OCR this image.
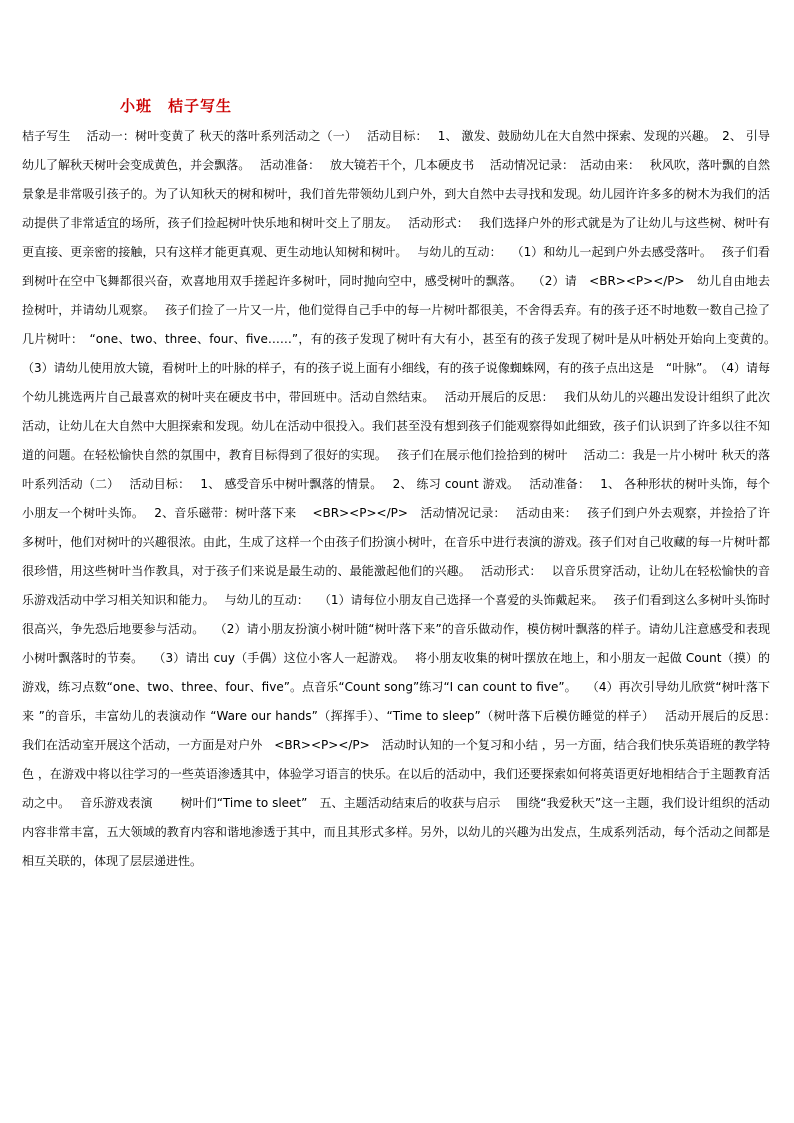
小班　桔子写生
桔子写生　 活动一：树叶变黄了 秋天的落叶系列活动之（一）　 活动目标：　 1、 激发、鼓励幼儿在大自然中探索、发现的兴趣。　2、 引导幼儿了解秋天树叶会变成黄色，并会飘落。　 活动准备：　 放大镜若干个，几本硬皮书　 活动情况记录：　活动由来：　 秋风吹，落叶飘的自然景象是非常吸引孩子的。为了认知秋天的树和树叶，我们首先带领幼儿到户外，到大自然中去寻找和发现。幼儿园许许多多的树木为我们的活动提供了非常适宜的场所，孩子们捡起树叶快乐地和树叶交上了朋友。　 活动形式：　 我们选择户外的形式就是为了让幼儿与这些树、树叶有更直接、更亲密的接触，只有这样才能更真观、更生动地认知树和树叶。　 与幼儿的互动：　 （1）和幼儿一起到户外去感受落叶。　 孩子们看到树叶在空中飞舞都很兴奋，欢喜地用双手搓起许多树叶，同时抛向空中，感受树叶的飘落。　 （2）请　<BR><P></P>　幼儿自由地去捡树叶，并请幼儿观察。　 孩子们捡了一片又一片，他们觉得自己手中的每一片树叶都很美，不舍得丢弃。有的孩子还不时地数一数自己捡了几片树叶：　“one、two、three、four、five……”，有的孩子发现了树叶有大有小，甚至有的孩子发现了树叶是从叶柄处开始向上变黄的。　 （3）请幼儿使用放大镜，看树叶上的叶脉的样子，有的孩子说上面有小细线，有的孩子说像蜘蛛网，有的孩子点出这是　“叶脉”。　（4）请每个幼儿挑选两片自己最喜欢的树叶夹在硬皮书中，带回班中。活动自然结束。　 活动开展后的反思：　 我们从幼儿的兴趣出发设计组织了此次活动，让幼儿在大自然中大胆探索和发现。幼儿在活动中很投入。我们甚至没有想到孩子们能观察得如此细致，孩子们认识到了许多以往不知道的问题。在轻松愉快自然的氛围中，教育目标得到了很好的实现。　 孩子们在展示他们捡拾到的树叶　 活动二：我是一片小树叶 秋天的落叶系列活动（二）　 活动目标：　 1、 感受音乐中树叶飘落的情景。　 2、 练习 count 游戏。　 活动准备：　 1、 各种形状的树叶头饰，每个小朋友一个树叶头饰。　 2、音乐磁带：树叶落下来　 <BR><P></P>　活动情况记录：　 活动由来：　 孩子们到户外去观察，并捡拾了许多树叶，他们对树叶的兴趣很浓。由此，生成了这样一个由孩子们扮演小树叶，在音乐中进行表演的游戏。孩子们对自己收藏的每一片树叶都很珍惜，用这些树叶当作教具，对于孩子们来说是最生动的、最能激起他们的兴趣。　 活动形式：　 以音乐贯穿活动，让幼儿在轻松愉快的音乐游戏活动中学习相关知识和能力。　 与幼儿的互动：　 （1）请每位小朋友自己选择一个喜爱的头饰戴起来。　 孩子们看到这么多树叶头饰时很高兴，争先恐后地要参与活动。　 （2）请小朋友扮演小树叶随“树叶落下来”的音乐做动作，模仿树叶飘落的样子。请幼儿注意感受和表现小树叶飘落时的节奏。　 （3）请出 cuy（手偶）这位小客人一起游戏。　 将小朋友收集的树叶摆放在地上，和小朋友一起做 Count（摸）的游戏，练习点数“one、two、three、four、five”。点音乐“Count song”练习“I can count to five”。　 （4）再次引导幼儿欣赏“树叶落下来 ”的音乐，丰富幼儿的表演动作 “Ware our hands”（挥挥手）、“Time to sleep”（树叶落下后模仿睡觉的样子）　 活动开展后的反思：　 我们在活动室开展这个活动，一方面是对户外　<BR><P></P>　活动时认知的一个复习和小结 ，另一方面，结合我们快乐英语班的教学特色 ，在游戏中将以往学习的一些英语渗透其中，体验学习语言的快乐。在以后的活动中，我们还要探索如何将英语更好地相结合于主题教育活动之中。　 音乐游戏表演　　 树叶们“Time to sleet”　五、主题活动结束后的收获与启示　 围绕“我爱秋天”这一主题，我们设计组织的活动内容非常丰富，五大领域的教育内容和谐地渗透于其中，而且其形式多样。另外，以幼儿的兴趣为出发点，生成系列活动，每个活动之间都是相互关联的，体现了层层递进性。
